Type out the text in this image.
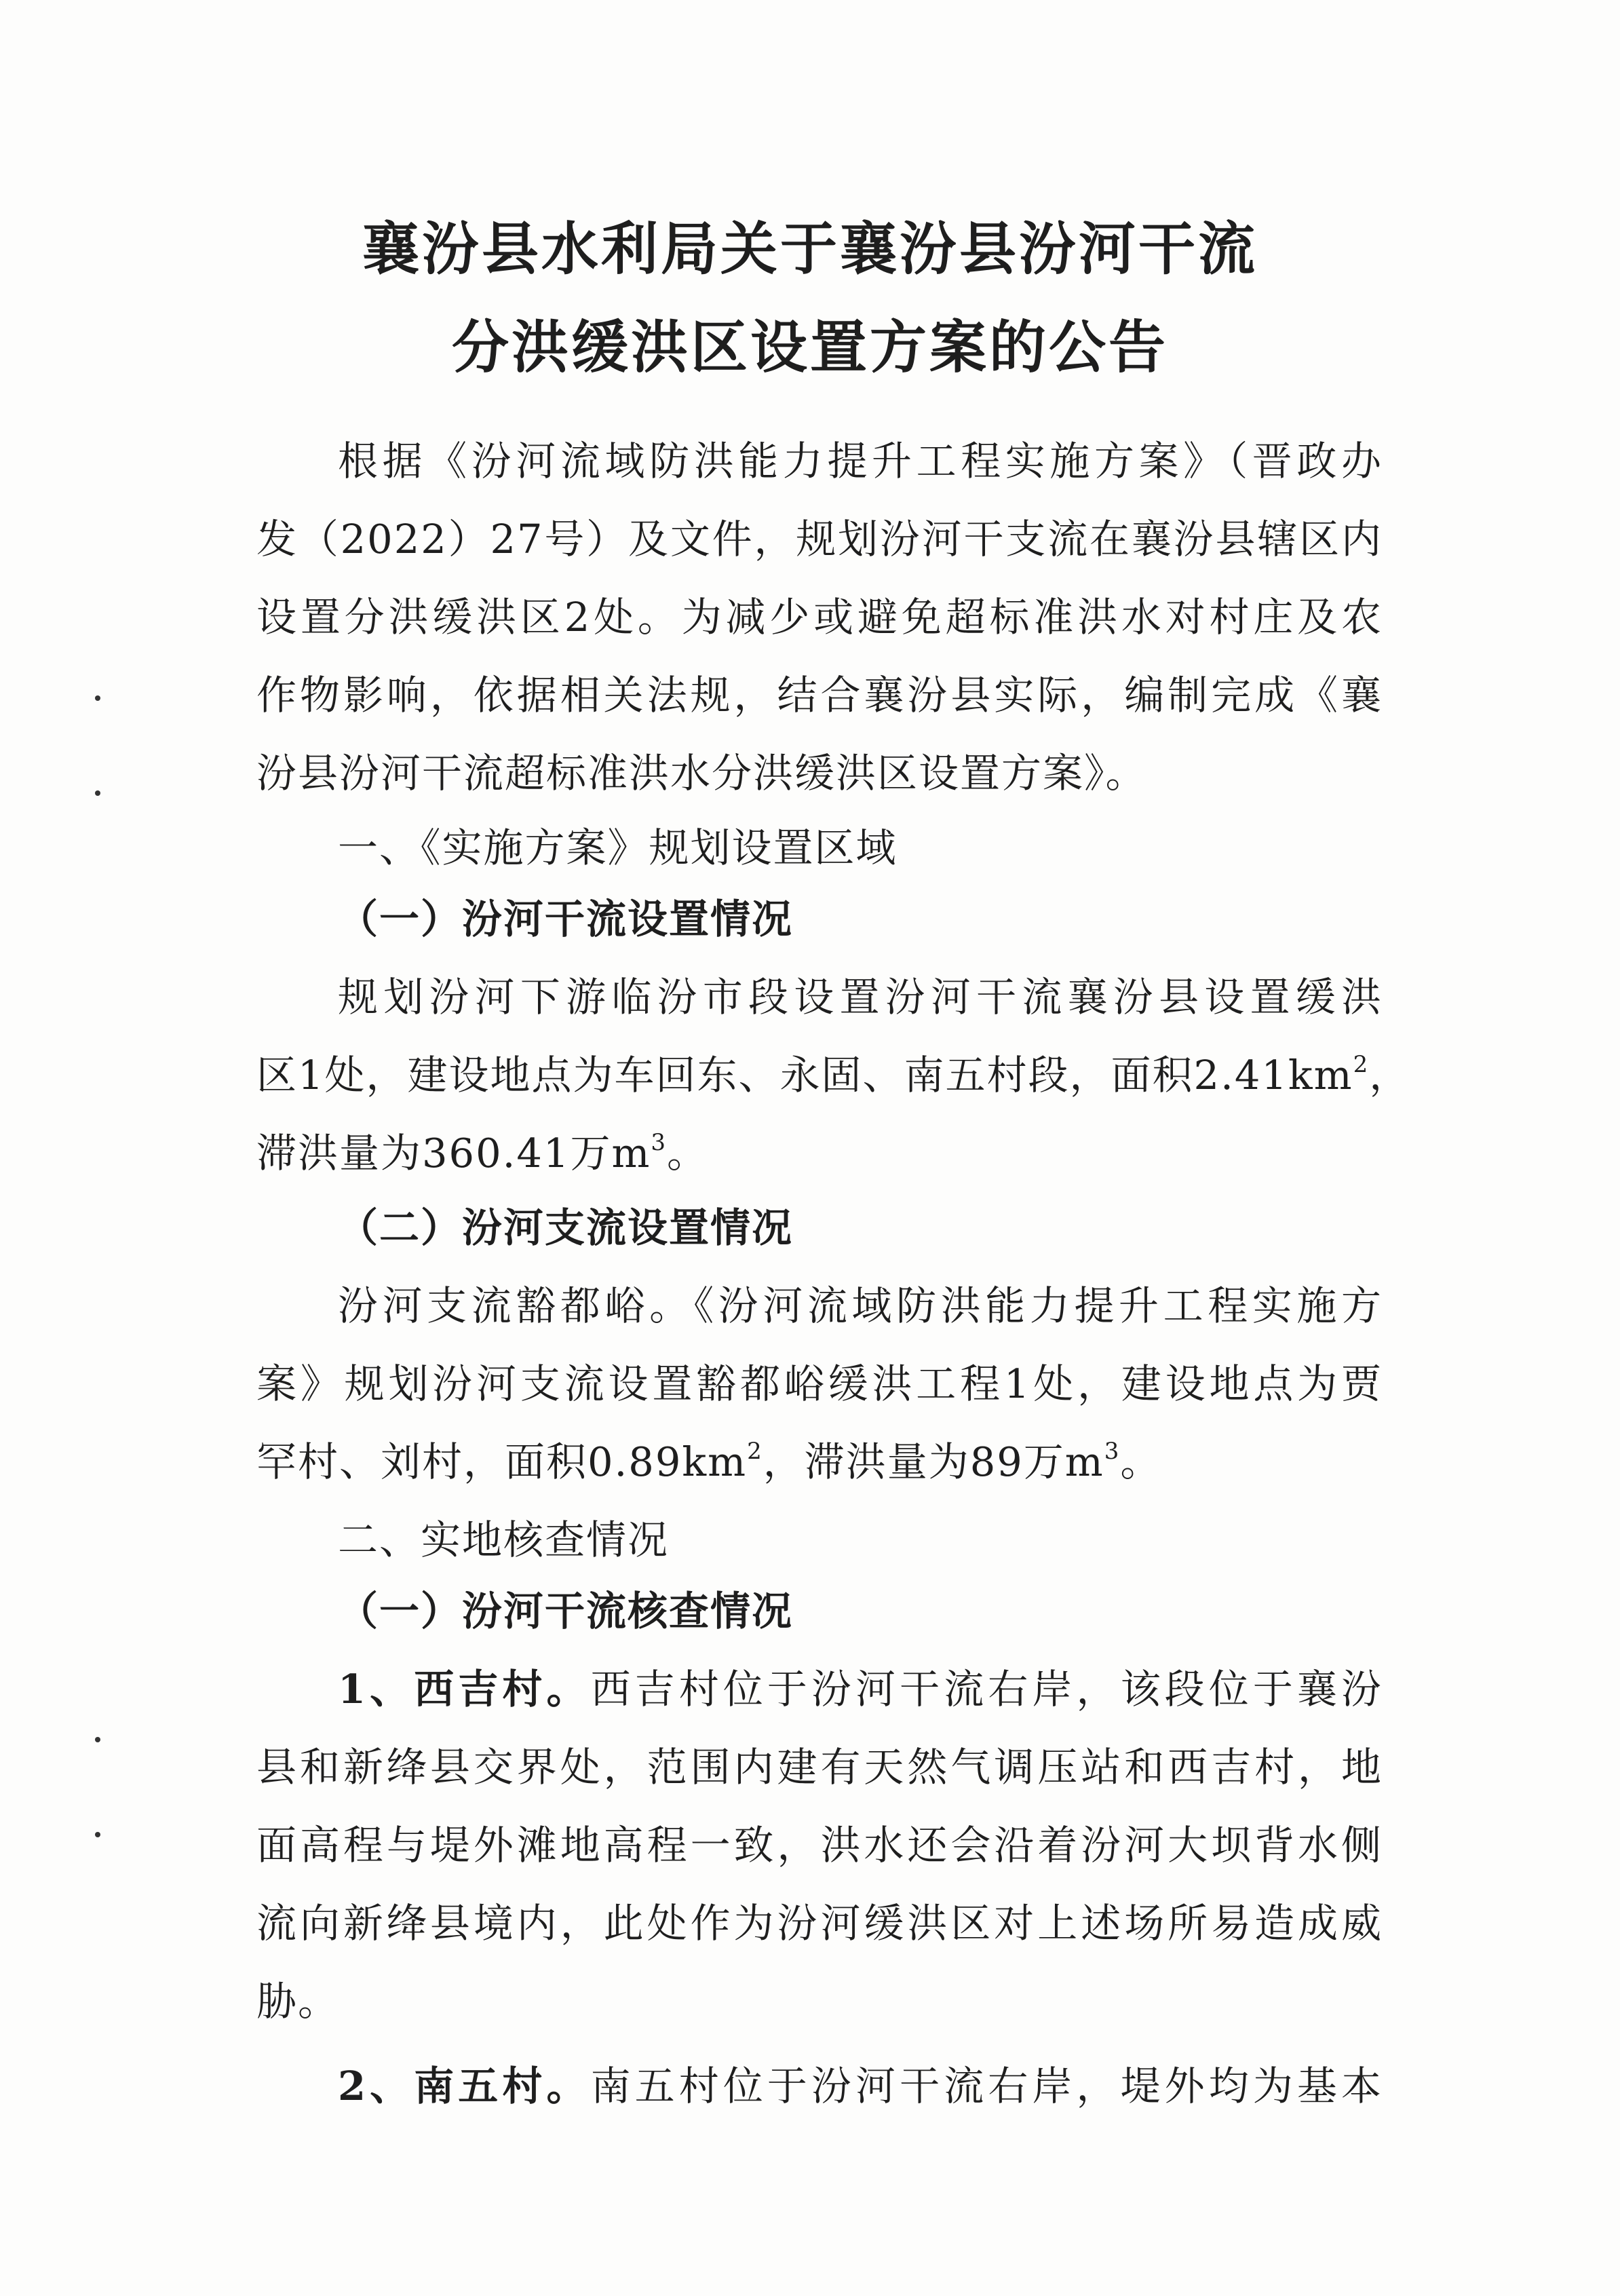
襄汾县水利局关于襄汾县汾河干流
分洪缓洪区设置方案的公告
根据《汾河流域防洪能力提升工程实施方案》（晋政办
发（2022）27号）及文件，规划汾河干支流在襄汾县辖区内
设置分洪缓洪区2处。为减少或避免超标准洪水对村庄及农
作物影响，依据相关法规，结合襄汾县实际，编制完成《襄
汾县汾河干流超标准洪水分洪缓洪区设置方案》。
一、《实施方案》规划设置区域
（一）汾河干流设置情况
规划汾河下游临汾市段设置汾河干流襄汾县设置缓洪
区1处，建设地点为车回东、永固、南五村段，面积$2.41km^2$，
滞洪量为360.41万$m^3$。
（二）汾河支流设置情况
汾河支流豁都峪。《汾河流域防洪能力提升工程实施方
案》规划汾河支流设置豁都峪缓洪工程1处，建设地点为贾
罕村、刘村，面积$0.89km^2$，滞洪量为89万$m^3$。
二、实地核查情况
（一）汾河干流核查情况
1、西吉村。西吉村位于汾河干流右岸，该段位于襄汾
县和新绛县交界处，范围内建有天然气调压站和西吉村，地
面高程与堤外滩地高程一致，洪水还会沿着汾河大坝背水侧
流向新绛县境内，此处作为汾河缓洪区对上述场所易造成威
胁。
2、南五村。南五村位于汾河干流右岸，堤外均为基本
